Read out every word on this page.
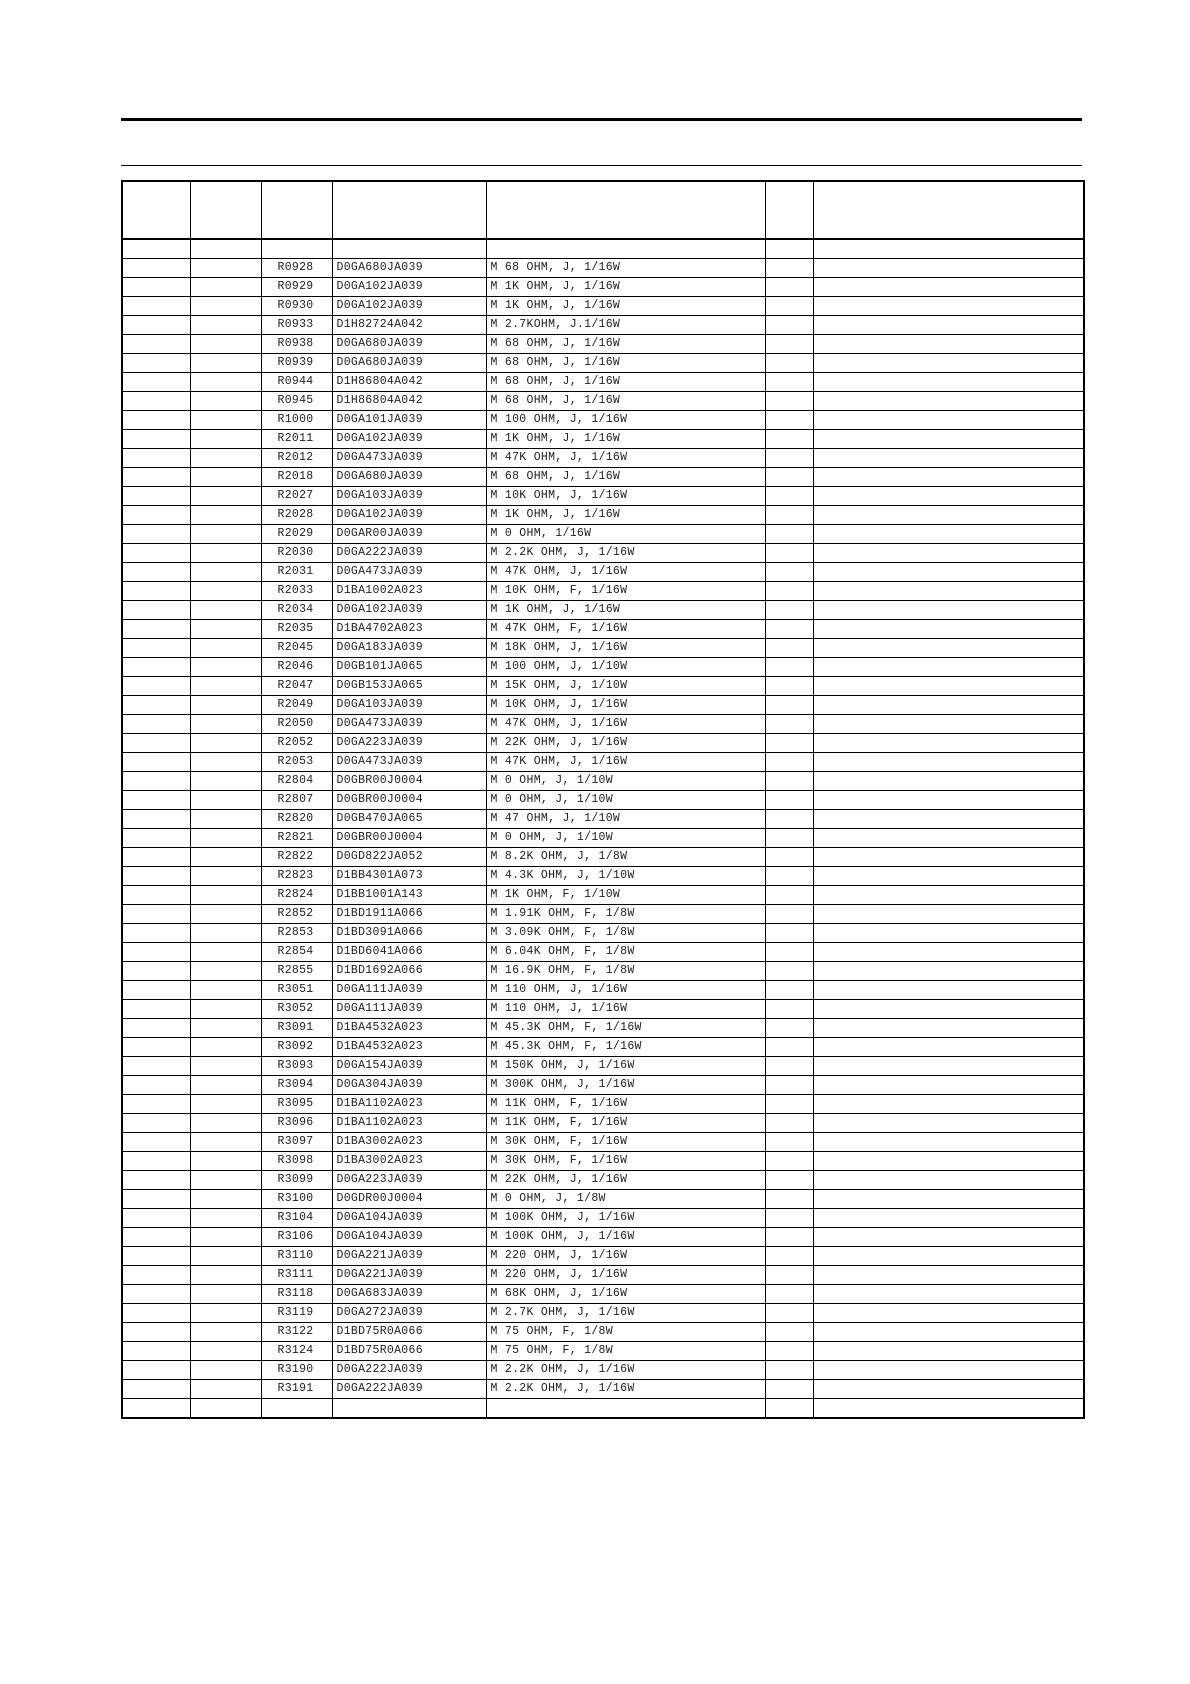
		R0928	D0GA680JA039	M 68 OHM, J, 1/16W		
		R0929	D0GA102JA039	M 1K OHM, J, 1/16W		
		R0930	D0GA102JA039	M 1K OHM, J, 1/16W		
		R0933	D1H82724A042	M 2.7KOHM, J.1/16W		
		R0938	D0GA680JA039	M 68 OHM, J, 1/16W		
		R0939	D0GA680JA039	M 68 OHM, J, 1/16W		
		R0944	D1H86804A042	M 68 OHM, J, 1/16W		
		R0945	D1H86804A042	M 68 OHM, J, 1/16W		
		R1000	D0GA101JA039	M 100 OHM, J, 1/16W		
		R2011	D0GA102JA039	M 1K OHM, J, 1/16W		
		R2012	D0GA473JA039	M 47K OHM, J, 1/16W		
		R2018	D0GA680JA039	M 68 OHM, J, 1/16W		
		R2027	D0GA103JA039	M 10K OHM, J, 1/16W		
		R2028	D0GA102JA039	M 1K OHM, J, 1/16W		
		R2029	D0GAR00JA039	M 0 OHM, 1/16W		
		R2030	D0GA222JA039	M 2.2K OHM, J, 1/16W		
		R2031	D0GA473JA039	M 47K OHM, J, 1/16W		
		R2033	D1BA1002A023	M 10K OHM, F, 1/16W		
		R2034	D0GA102JA039	M 1K OHM, J, 1/16W		
		R2035	D1BA4702A023	M 47K OHM, F, 1/16W		
		R2045	D0GA183JA039	M 18K OHM, J, 1/16W		
		R2046	D0GB101JA065	M 100 OHM, J, 1/10W		
		R2047	D0GB153JA065	M 15K OHM, J, 1/10W		
		R2049	D0GA103JA039	M 10K OHM, J, 1/16W		
		R2050	D0GA473JA039	M 47K OHM, J, 1/16W		
		R2052	D0GA223JA039	M 22K OHM, J, 1/16W		
		R2053	D0GA473JA039	M 47K OHM, J, 1/16W		
		R2804	D0GBR00J0004	M 0 OHM, J, 1/10W		
		R2807	D0GBR00J0004	M 0 OHM, J, 1/10W		
		R2820	D0GB470JA065	M 47 OHM, J, 1/10W		
		R2821	D0GBR00J0004	M 0 OHM, J, 1/10W		
		R2822	D0GD822JA052	M 8.2K OHM, J, 1/8W		
		R2823	D1BB4301A073	M 4.3K OHM, J, 1/10W		
		R2824	D1BB1001A143	M 1K OHM, F, 1/10W		
		R2852	D1BD1911A066	M 1.91K OHM, F, 1/8W		
		R2853	D1BD3091A066	M 3.09K OHM, F, 1/8W		
		R2854	D1BD6041A066	M 6.04K OHM, F, 1/8W		
		R2855	D1BD1692A066	M 16.9K OHM, F, 1/8W		
		R3051	D0GA111JA039	M 110 OHM, J, 1/16W		
		R3052	D0GA111JA039	M 110 OHM, J, 1/16W		
		R3091	D1BA4532A023	M 45.3K OHM, F, 1/16W		
		R3092	D1BA4532A023	M 45.3K OHM, F, 1/16W		
		R3093	D0GA154JA039	M 150K OHM, J, 1/16W		
		R3094	D0GA304JA039	M 300K OHM, J, 1/16W		
		R3095	D1BA1102A023	M 11K OHM, F, 1/16W		
		R3096	D1BA1102A023	M 11K OHM, F, 1/16W		
		R3097	D1BA3002A023	M 30K OHM, F, 1/16W		
		R3098	D1BA3002A023	M 30K OHM, F, 1/16W		
		R3099	D0GA223JA039	M 22K OHM, J, 1/16W		
		R3100	D0GDR00J0004	M 0 OHM, J, 1/8W		
		R3104	D0GA104JA039	M 100K OHM, J, 1/16W		
		R3106	D0GA104JA039	M 100K OHM, J, 1/16W		
		R3110	D0GA221JA039	M 220 OHM, J, 1/16W		
		R3111	D0GA221JA039	M 220 OHM, J, 1/16W		
		R3118	D0GA683JA039	M 68K OHM, J, 1/16W		
		R3119	D0GA272JA039	M 2.7K OHM, J, 1/16W		
		R3122	D1BD75R0A066	M 75 OHM, F, 1/8W		
		R3124	D1BD75R0A066	M 75 OHM, F, 1/8W		
		R3190	D0GA222JA039	M 2.2K OHM, J, 1/16W		
		R3191	D0GA222JA039	M 2.2K OHM, J, 1/16W		
